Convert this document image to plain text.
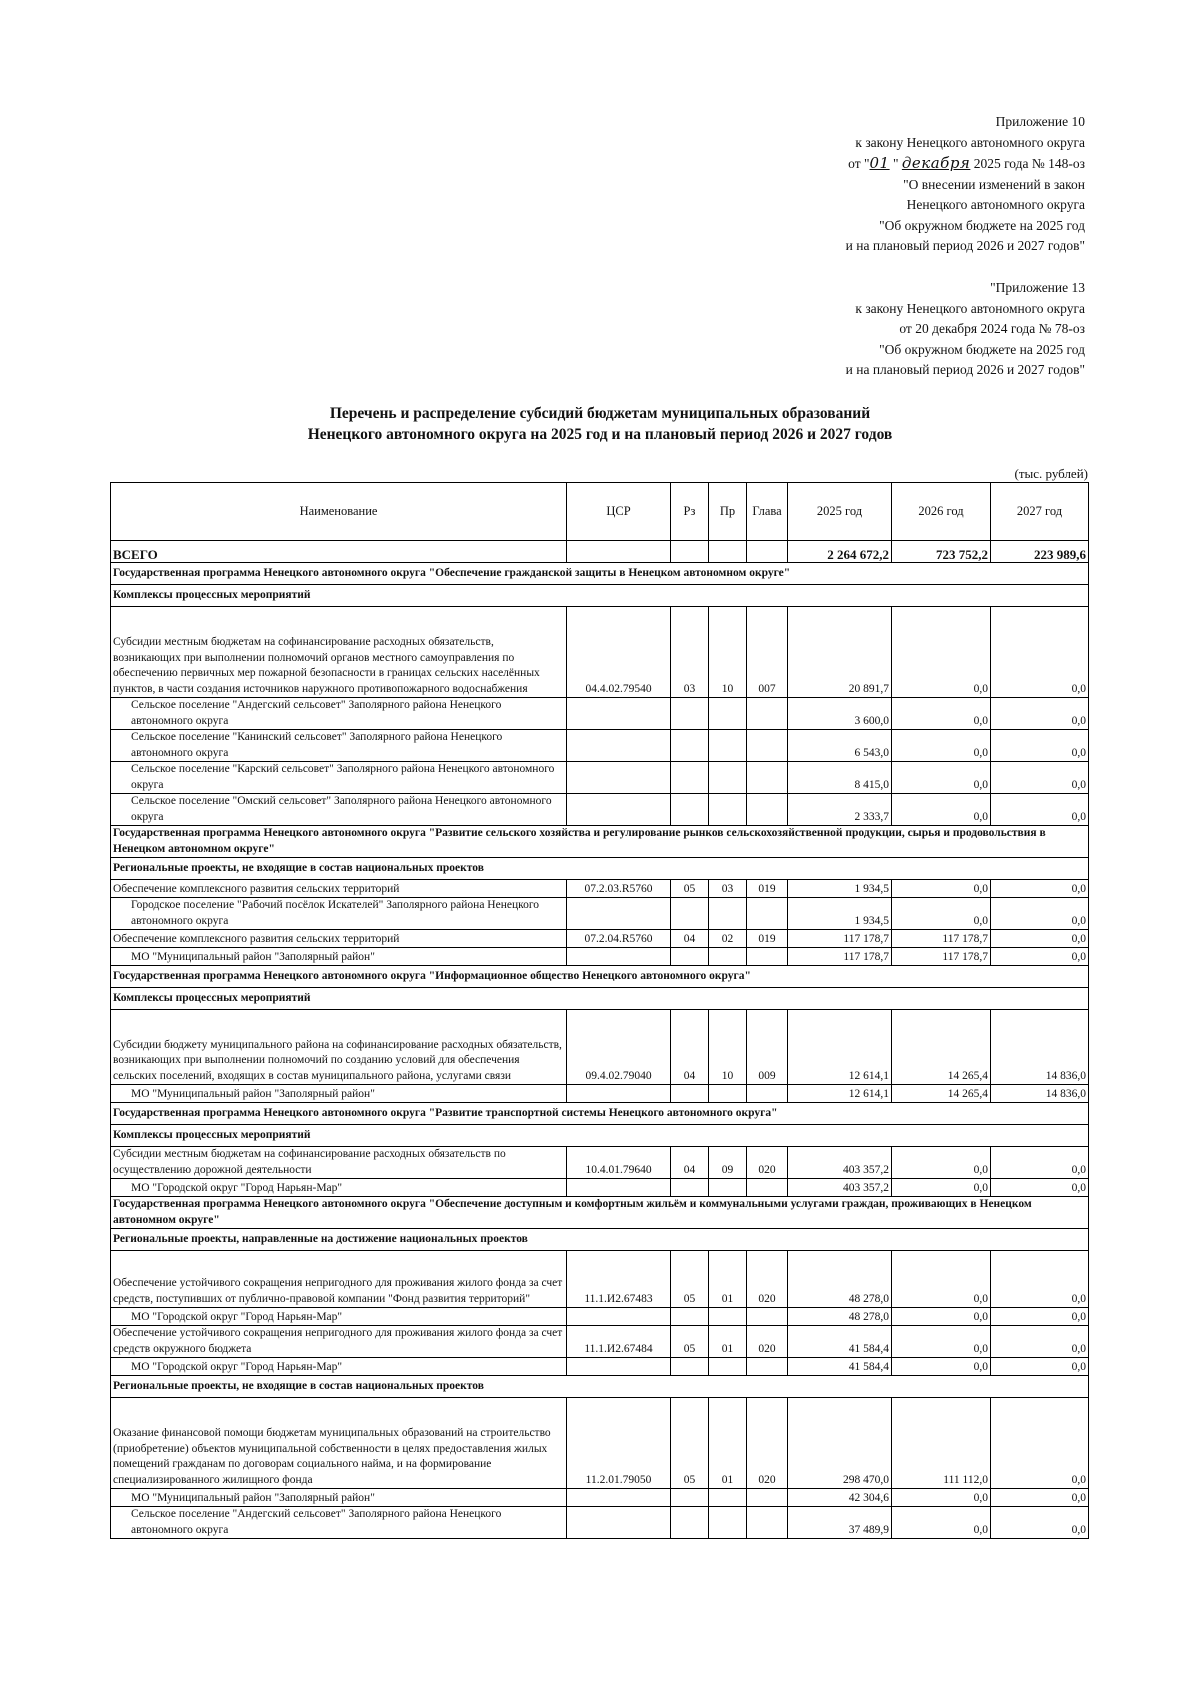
Приложение 10
к закону Ненецкого автономного округа
от "01 " декабря 2025 года № 148-оз
"О внесении изменений в закон
Ненецкого автономного округа
"Об окружном бюджете на 2025 год
и на плановый период 2026 и 2027 годов"
"Приложение 13
к закону Ненецкого автономного округа
от 20 декабря 2024 года № 78-оз
"Об окружном бюджете на 2025 год
и на плановый период 2026 и 2027 годов"
Перечень и распределение субсидий бюджетам муниципальных образований
Ненецкого автономного округа на 2025 год и на плановый период 2026 и 2027 годов
(тыс. рублей)
Наименование	ЦСР	Рз	Пр	Глава	2025 год	2026 год	2027 год
ВСЕГО					2 264 672,2	723 752,2	223 989,6
Государственная программа Ненецкого автономного округа "Обеспечение гражданской защиты в Ненецком автономном округе"							
Комплексы процессных мероприятий							
Субсидии местным бюджетам на софинансирование расходных обязательств, возникающих при выполнении полномочий органов местного самоуправления по обеспечению первичных мер пожарной безопасности в границах сельских населённых пунктов, в части создания источников наружного противопожарного водоснабжения	04.4.02.79540	03	10	007	20 891,7	0,0	0,0
Сельское поселение "Андегский сельсовет" Заполярного района Ненецкого автономного округа					3 600,0	0,0	0,0
Сельское поселение "Канинский сельсовет" Заполярного района Ненецкого автономного округа					6 543,0	0,0	0,0
Сельское поселение "Карский сельсовет" Заполярного района Ненецкого автономного округа					8 415,0	0,0	0,0
Сельское поселение "Омский сельсовет" Заполярного района Ненецкого автономного округа					2 333,7	0,0	0,0
Государственная программа Ненецкого автономного округа "Развитие сельского хозяйства и регулирование рынков сельскохозяйственной продукции, сырья и продовольствия в Ненецком автономном округе"							
Региональные проекты, не входящие в состав национальных проектов							
Обеспечение комплексного развития сельских территорий	07.2.03.R5760	05	03	019	1 934,5	0,0	0,0
Городское поселение "Рабочий посёлок Искателей" Заполярного района Ненецкого автономного округа					1 934,5	0,0	0,0
Обеспечение комплексного развития сельских территорий	07.2.04.R5760	04	02	019	117 178,7	117 178,7	0,0
МО "Муниципальный район "Заполярный район"					117 178,7	117 178,7	0,0
Государственная программа Ненецкого автономного округа "Информационное общество Ненецкого автономного округа"							
Комплексы процессных мероприятий							
Субсидии бюджету муниципального района на софинансирование расходных обязательств, возникающих при выполнении полномочий по созданию условий для обеспечения сельских поселений, входящих в состав муниципального района, услугами связи	09.4.02.79040	04	10	009	12 614,1	14 265,4	14 836,0
МО "Муниципальный район "Заполярный район"					12 614,1	14 265,4	14 836,0
Государственная программа Ненецкого автономного округа "Развитие транспортной системы Ненецкого автономного округа"							
Комплексы процессных мероприятий							
Субсидии местным бюджетам на софинансирование расходных обязательств по осуществлению дорожной деятельности	10.4.01.79640	04	09	020	403 357,2	0,0	0,0
МО "Городской округ "Город Нарьян-Мар"					403 357,2	0,0	0,0
Государственная программа Ненецкого автономного округа "Обеспечение доступным и комфортным жильём и коммунальными услугами граждан, проживающих в Ненецком автономном округе"							
Региональные проекты, направленные на достижение национальных проектов							
Обеспечение устойчивого сокращения непригодного для проживания жилого фонда за счет средств, поступивших от публично-правовой компании "Фонд развития территорий"	11.1.И2.67483	05	01	020	48 278,0	0,0	0,0
МО "Городской округ "Город Нарьян-Мар"					48 278,0	0,0	0,0
Обеспечение устойчивого сокращения непригодного для проживания жилого фонда за счет средств окружного бюджета	11.1.И2.67484	05	01	020	41 584,4	0,0	0,0
МО "Городской округ "Город Нарьян-Мар"					41 584,4	0,0	0,0
Региональные проекты, не входящие в состав национальных проектов							
Оказание финансовой помощи бюджетам муниципальных образований на строительство (приобретение) объектов муниципальной собственности в целях предоставления жилых помещений гражданам по договорам социального найма, и на формирование специализированного жилищного фонда	11.2.01.79050	05	01	020	298 470,0	111 112,0	0,0
МО "Муниципальный район "Заполярный район"					42 304,6	0,0	0,0
Сельское поселение "Андегский сельсовет" Заполярного района Ненецкого автономного округа					37 489,9	0,0	0,0
